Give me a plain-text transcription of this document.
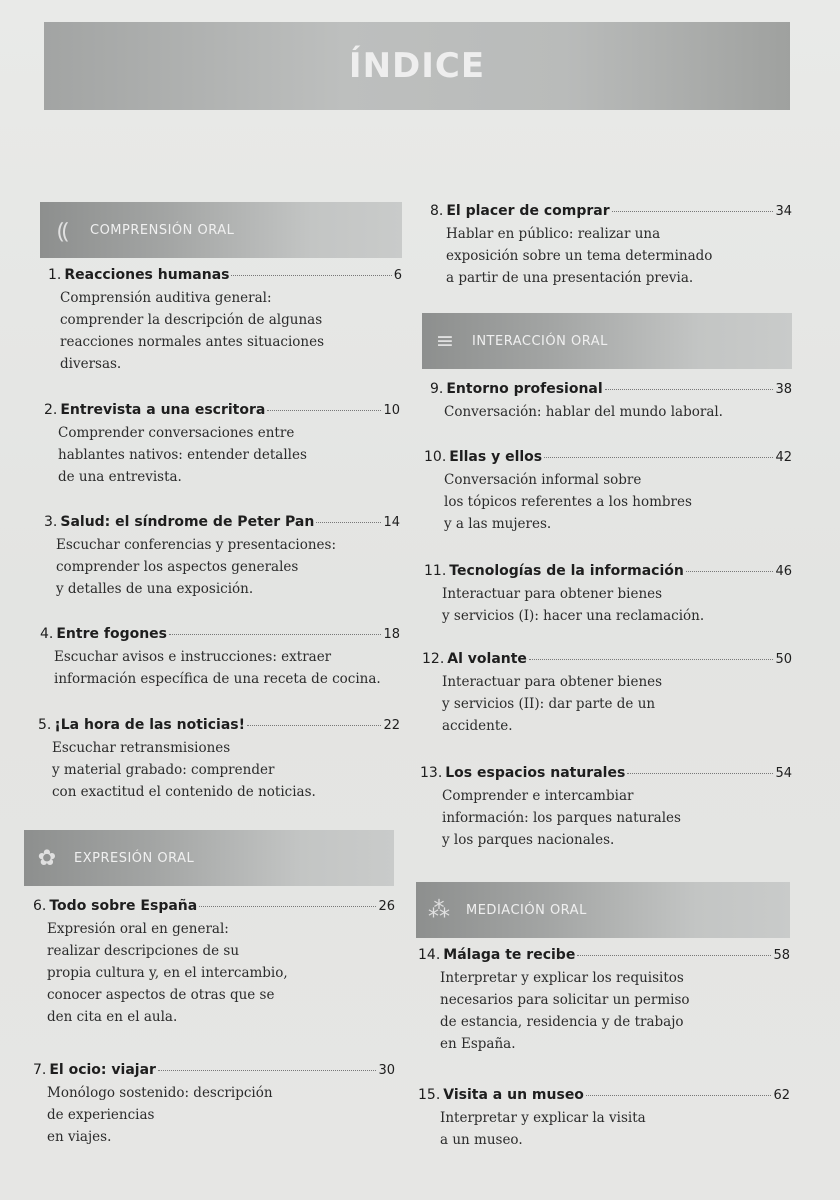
ÍNDICE
⸨	COMPRENSIÓN ORAL
✿	EXPRESIÓN ORAL
≡	INTERACCIÓN ORAL
⁂	MEDIACIÓN ORAL
1. Reacciones humanas	6
Comprensión auditiva general:
comprender la descripción de algunas
reacciones normales antes situaciones
diversas.
2. Entrevista a una escritora	10
Comprender conversaciones entre
hablantes nativos: entender detalles
de una entrevista.
3. Salud: el síndrome de Peter Pan	14
Escuchar conferencias y presentaciones:
comprender los aspectos generales
y detalles de una exposición.
4. Entre fogones	18
Escuchar avisos e instrucciones: extraer
información específica de una receta de cocina.
5. ¡La hora de las noticias!	22
Escuchar retransmisiones
y material grabado: comprender
con exactitud el contenido de noticias.
6. Todo sobre España	26
Expresión oral en general:
realizar descripciones de su
propia cultura y, en el intercambio,
conocer aspectos de otras que se
den cita en el aula.
7. El ocio: viajar	30
Monólogo sostenido: descripción
de experiencias
en viajes.
8. El placer de comprar	34
Hablar en público: realizar una
exposición sobre un tema determinado
a partir de una presentación previa.
9. Entorno profesional	38
Conversación: hablar del mundo laboral.
10. Ellas y ellos	42
Conversación informal sobre
los tópicos referentes a los hombres
y a las mujeres.
11. Tecnologías de la información	46
Interactuar para obtener bienes
y servicios (I): hacer una reclamación.
12. Al volante	50
Interactuar para obtener bienes
y servicios (II): dar parte de un
accidente.
13. Los espacios naturales	54
Comprender e intercambiar
información: los parques naturales
y los parques nacionales.
14. Málaga te recibe	58
Interpretar y explicar los requisitos
necesarios para solicitar un permiso
de estancia, residencia y de trabajo
en España.
15. Visita a un museo	62
Interpretar y explicar la visita
a un museo.
